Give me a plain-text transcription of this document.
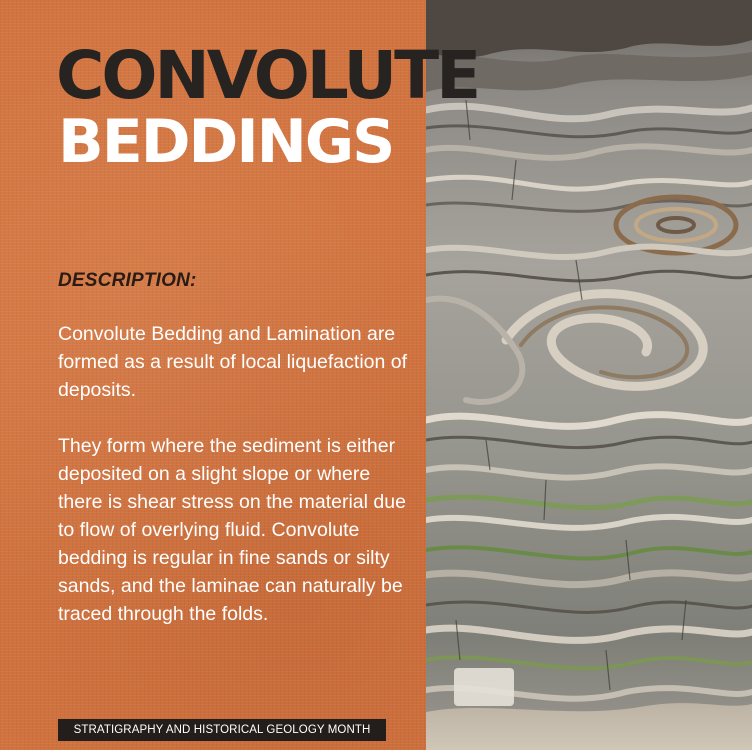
CONVOLUTE
BEDDINGS
DESCRIPTION:

Convolute Bedding and Lamination are formed as a result of local liquefaction of deposits.

They form where the sediment is either deposited on a slight slope or where there is shear stress on the material due to flow of overlying fluid. Convolute bedding is regular in fine sands or silty sands, and the laminae can naturally be traced through the folds.

STRATIGRAPHY AND HISTORICAL GEOLOGY MONTH
